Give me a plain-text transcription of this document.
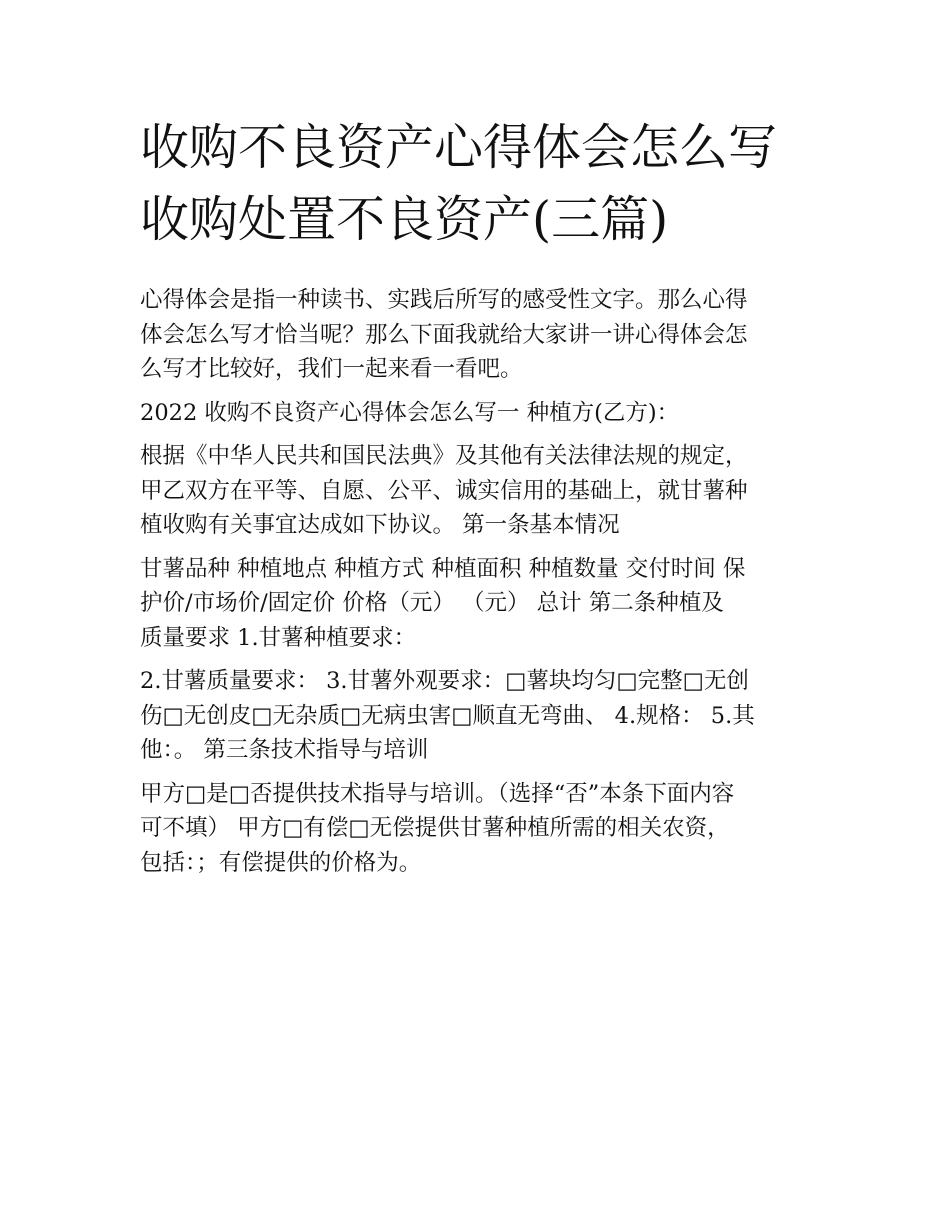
收购不良资产心得体会怎么写
收购处置不良资产(三篇)

心得体会是指一种读书、实践后所写的感受性文字。那么心得
体会怎么写才恰当呢？那么下面我就给大家讲一讲心得体会怎
么写才比较好，我们一起来看一看吧。

2022 收购不良资产心得体会怎么写一 种植方(乙方)：

根据《中华人民共和国民法典》及其他有关法律法规的规定，
甲乙双方在平等、自愿、公平、诚实信用的基础上，就甘薯种
植收购有关事宜达成如下协议。 第一条基本情况

甘薯品种 种植地点 种植方式 种植面积 种植数量 交付时间 保
护价/市场价/固定价 价格（元） （元） 总计 第二条种植及
质量要求 1.甘薯种植要求：

2.甘薯质量要求： 3.甘薯外观要求：□薯块均匀□完整□无创
伤□无创皮□无杂质□无病虫害□顺直无弯曲、 4.规格： 5.其
他：。 第三条技术指导与培训

甲方□是□否提供技术指导与培训。（选择“否”本条下面内容
可不填） 甲方□有偿□无偿提供甘薯种植所需的相关农资，
包括：；有偿提供的价格为。
